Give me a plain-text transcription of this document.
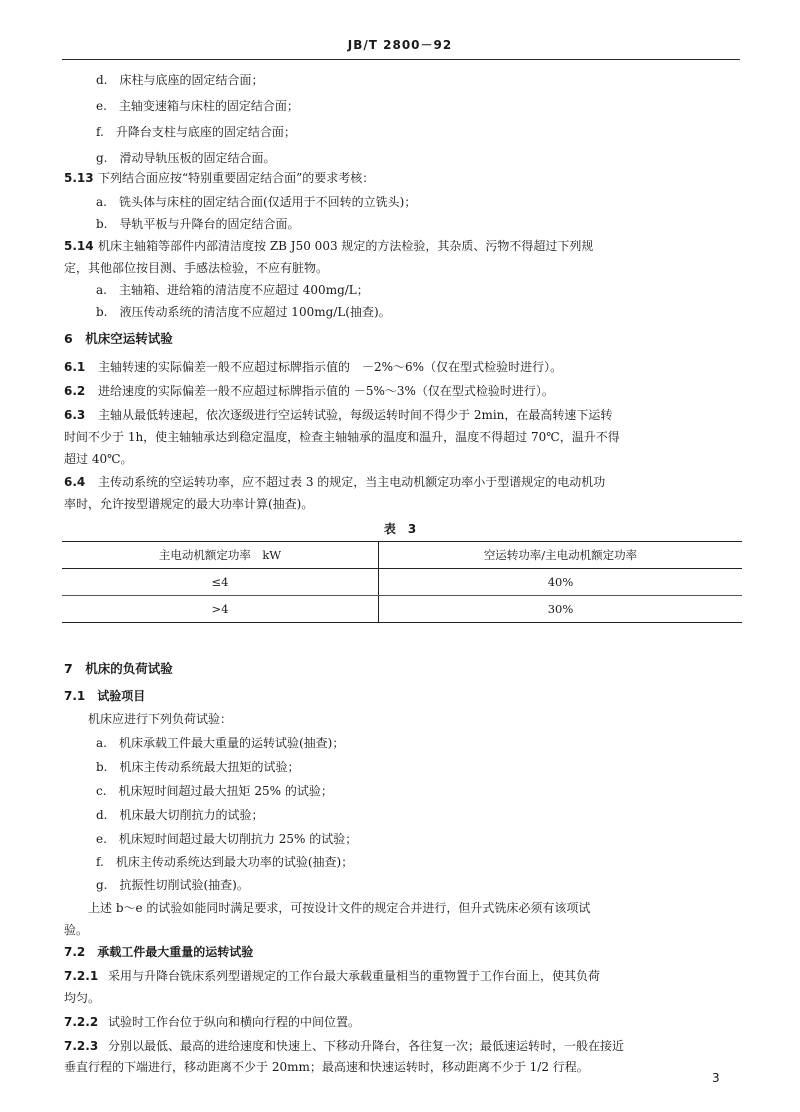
JB/T 2800－92
d.　床柱与底座的固定结合面；
e.　主轴变速箱与床柱的固定结合面；
f.　升降台支柱与底座的固定结合面；
g.　滑动导轨压板的固定结合面。
5.13 下列结合面应按“特别重要固定结合面”的要求考核：
a.　铣头体与床柱的固定结合面(仅适用于不回转的立铣头)；
b.　导轨平板与升降台的固定结合面。
5.14 机床主轴箱等部件内部清洁度按 ZB J50 003 规定的方法检验，其杂质、污物不得超过下列规
定，其他部位按目测、手感法检验，不应有脏物。
a.　主轴箱、进给箱的清洁度不应超过 400mg/L；
b.　液压传动系统的清洁度不应超过 100mg/L(抽查)。
6　机床空运转试验
6.1 主轴转速的实际偏差一般不应超过标牌指示值的　－2%～6%（仅在型式检验时进行）。
6.2 进给速度的实际偏差一般不应超过标牌指示值的 －5%～3%（仅在型式检验时进行）。
6.3 主轴从最低转速起，依次逐级进行空运转试验，每级运转时间不得少于 2min，在最高转速下运转
时间不少于 1h，使主轴轴承达到稳定温度，检查主轴轴承的温度和温升，温度不得超过 70℃，温升不得
超过 40℃。
6.4 主传动系统的空运转功率，应不超过表 3 的规定，当主电动机额定功率小于型谱规定的电动机功
率时，允许按型谱规定的最大功率计算(抽查)。
表　3
主电动机额定功率　kW	空运转功率/主电动机额定功率
≤4	40%
>4	30%
7　机床的负荷试验
7.1　试验项目
机床应进行下列负荷试验：
a.　机床承载工件最大重量的运转试验(抽查)；
b.　机床主传动系统最大扭矩的试验；
c.　机床短时间超过最大扭矩 25% 的试验；
d.　机床最大切削抗力的试验；
e.　机床短时间超过最大切削抗力 25% 的试验；
f.　机床主传动系统达到最大功率的试验(抽查)；
g.　抗振性切削试验(抽查)。
上述 b～e 的试验如能同时满足要求，可按设计文件的规定合并进行，但升式铣床必须有该项试
验。
7.2　承载工件最大重量的运转试验
7.2.1 采用与升降台铣床系列型谱规定的工作台最大承载重量相当的重物置于工作台面上，使其负荷
均匀。
7.2.2 试验时工作台位于纵向和横向行程的中间位置。
7.2.3 分别以最低、最高的进给速度和快速上、下移动升降台，各往复一次；最低速运转时，一般在接近
垂直行程的下端进行，移动距离不少于 20mm；最高速和快速运转时，移动距离不少于 1/2 行程。
3
